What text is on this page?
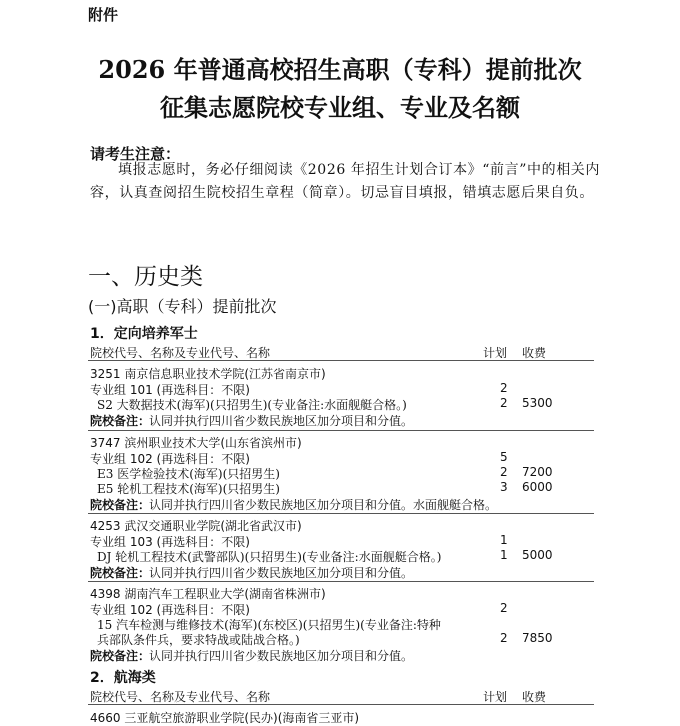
附件
2026 年普通高校招生高职（专科）提前批次
征集志愿院校专业组、专业及名额
请考生注意：
填报志愿时，务必仔细阅读《2026 年招生计划合订本》“前言”中的相关内容，认真查阅招生院校招生章程（简章）。切忌盲目填报，错填志愿后果自负。
一、历史类
(一)高职（专科）提前批次
1．定向培养军士
院校代号、名称及专业代号、名称	计划 收费
3251 南京信息职业技术学院(江苏省南京市)
专业组 101 (再选科目：不限)	2
S2 大数据技术(海军)(只招男生)(专业备注:水面舰艇合格。)	2 5300
院校备注：
认同并执行四川省少数民族地区加分项目和分值。
3747 滨州职业技术大学(山东省滨州市)
专业组 102 (再选科目：不限)	5
E3 医学检验技术(海军)(只招男生)	2 7200
E5 轮机工程技术(海军)(只招男生)	3 6000
院校备注：
认同并执行四川省少数民族地区加分项目和分值。水面舰艇合格。
4253 武汉交通职业学院(湖北省武汉市)
专业组 103 (再选科目：不限)	1
DJ 轮机工程技术(武警部队)(只招男生)(专业备注:水面舰艇合格。)	1 5000
院校备注：
认同并执行四川省少数民族地区加分项目和分值。
4398 湖南汽车工程职业大学(湖南省株洲市)
专业组 102 (再选科目：不限)	2
15 汽车检测与维修技术(海军)(东校区)(只招男生)(专业备注:特种
兵部队条件兵，要求特战或陆战合格。)	2 7850
院校备注：
认同并执行四川省少数民族地区加分项目和分值。
2．航海类
院校代号、名称及专业代号、名称	计划 收费
4660 三亚航空旅游职业学院(民办)(海南省三亚市)
